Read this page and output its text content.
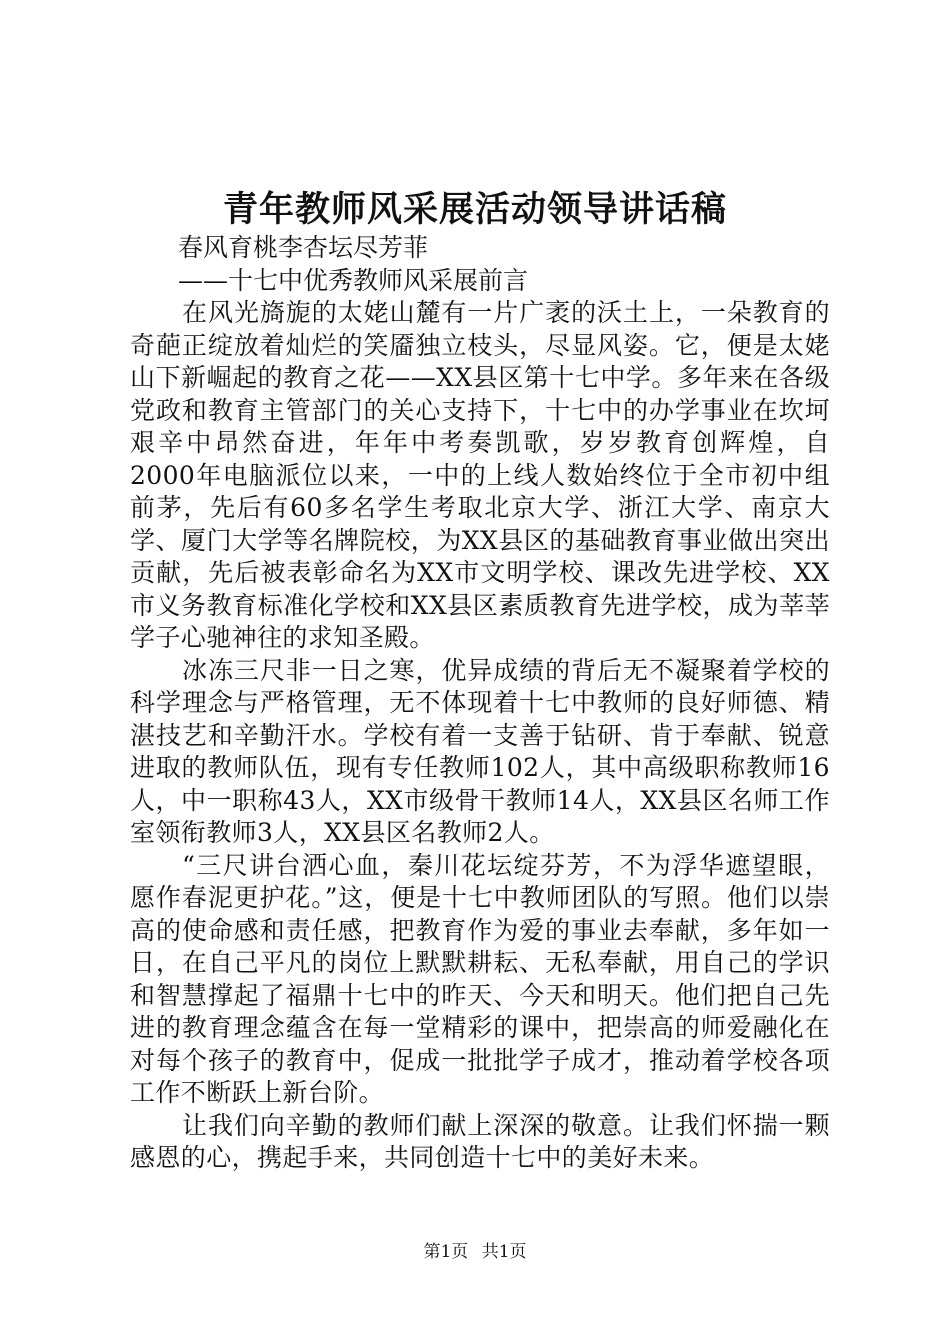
青年教师风采展活动领导讲话稿

春风育桃李杏坛尽芳菲

——十七中优秀教师风采展前言

在风光旖旎的太姥山麓有一片广袤的沃土上，一朵教育的奇葩正绽放着灿烂的笑靥独立枝头，尽显风姿。它，便是太姥山下新崛起的教育之花——XX县区第十七中学。多年来在各级党政和教育主管部门的关心支持下，十七中的办学事业在坎坷艰辛中昂然奋进，年年中考奏凯歌，岁岁教育创辉煌，自2000年电脑派位以来，一中的上线人数始终位于全市初中组前茅，先后有60多名学生考取北京大学、浙江大学、南京大学、厦门大学等名牌院校，为XX县区的基础教育事业做出突出贡献，先后被表彰命名为XX市文明学校、课改先进学校、XX市义务教育标准化学校和XX县区素质教育先进学校，成为莘莘学子心驰神往的求知圣殿。

冰冻三尺非一日之寒，优异成绩的背后无不凝聚着学校的科学理念与严格管理，无不体现着十七中教师的良好师德、精湛技艺和辛勤汗水。学校有着一支善于钻研、肯于奉献、锐意进取的教师队伍，现有专任教师102人，其中高级职称教师16人，中一职称43人，XX市级骨干教师14人，XX县区名师工作室领衔教师3人，XX县区名教师2人。

“三尺讲台洒心血，秦川花坛绽芬芳，不为浮华遮望眼，愿作春泥更护花。”这，便是十七中教师团队的写照。他们以崇高的使命感和责任感，把教育作为爱的事业去奉献，多年如一日，在自己平凡的岗位上默默耕耘、无私奉献，用自己的学识和智慧撑起了福鼎十七中的昨天、今天和明天。他们把自己先进的教育理念蕴含在每一堂精彩的课中，把崇高的师爱融化在对每个孩子的教育中，促成一批批学子成才，推动着学校各项工作不断跃上新台阶。

让我们向辛勤的教师们献上深深的敬意。让我们怀揣一颗感恩的心，携起手来，共同创造十七中的美好未来。

第1页 共1页
